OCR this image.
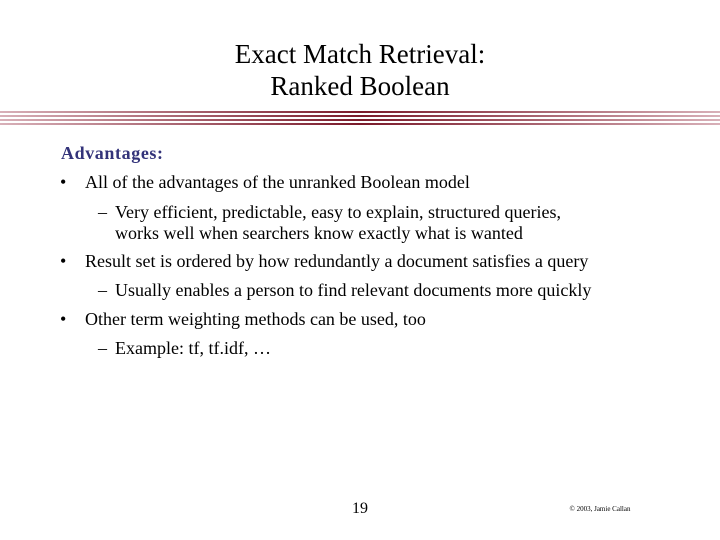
Exact Match Retrieval:
Ranked Boolean
Advantages:
• All of the advantages of the unranked Boolean model
– Very efficient, predictable, easy to explain, structured queries,
works well when searchers know exactly what is wanted
• Result set is ordered by how redundantly a document satisfies a query
– Usually enables a person to find relevant documents more quickly
• Other term weighting methods can be used, too
– Example: tf, tf.idf, …
19	© 2003, Jamie Callan
